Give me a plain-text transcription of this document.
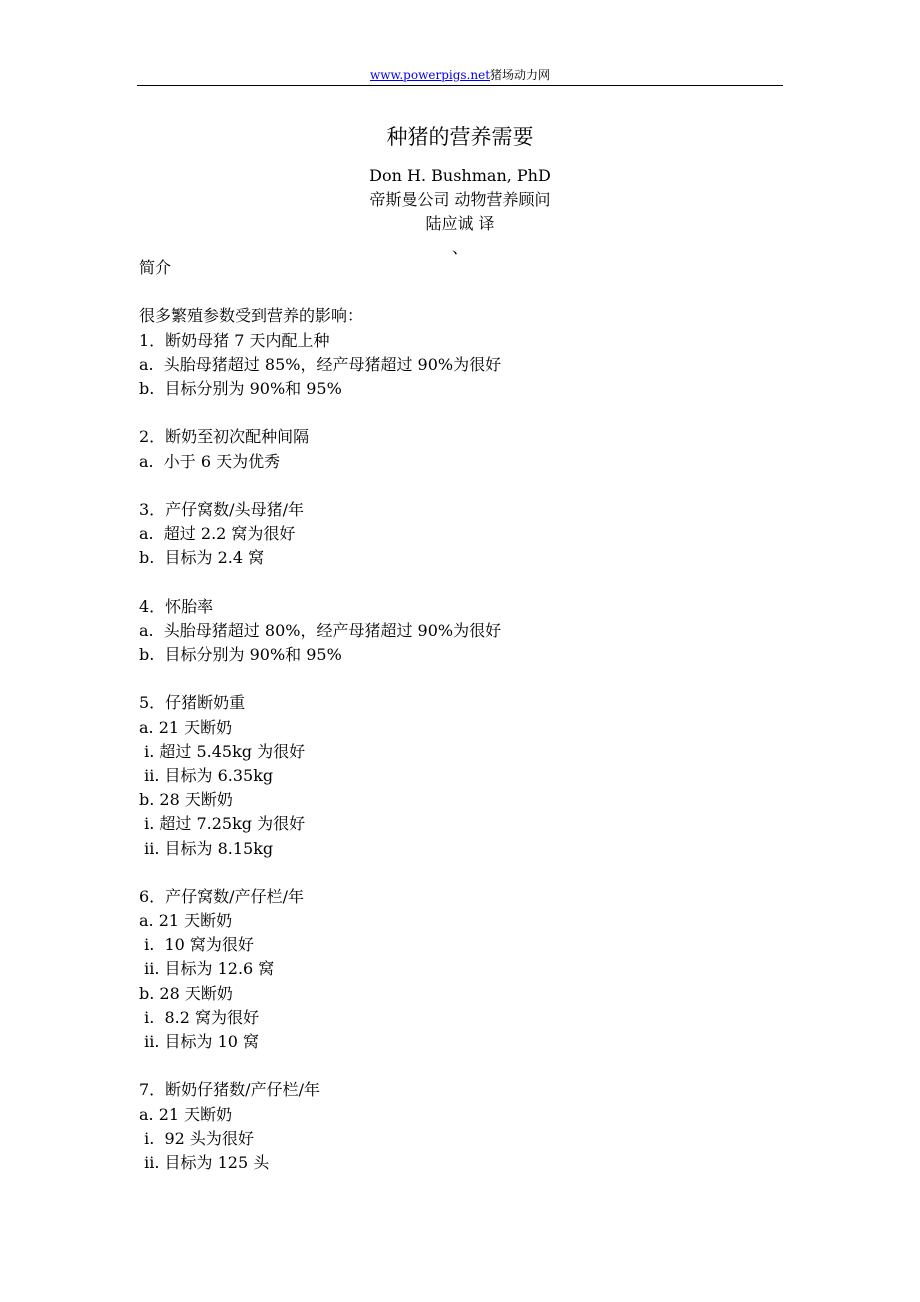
www.powerpigs.net猪场动力网
种猪的营养需要
Don H. Bushman, PhD
帝斯曼公司 动物营养顾问
陆应诚 译
、
简介
很多繁殖参数受到营养的影响：
1．断奶母猪 7 天内配上种
a.  头胎母猪超过 85%，经产母猪超过 90%为很好
b.  目标分别为 90%和 95%
2．断奶至初次配种间隔
a.  小于 6 天为优秀
3．产仔窝数/头母猪/年
a.  超过 2.2 窝为很好
b.  目标为 2.4 窝
4．怀胎率
a.  头胎母猪超过 80%，经产母猪超过 90%为很好
b.  目标分别为 90%和 95%
5．仔猪断奶重
a. 21 天断奶
ⅰ. 超过 5.45kg 为很好
ⅱ. 目标为 6.35kg
b. 28 天断奶
ⅰ. 超过 7.25kg 为很好
ⅱ. 目标为 8.15kg
6．产仔窝数/产仔栏/年
a. 21 天断奶
ⅰ.  10 窝为很好
ⅱ. 目标为 12.6 窝
b. 28 天断奶
ⅰ.  8.2 窝为很好
ⅱ. 目标为 10 窝
7．断奶仔猪数/产仔栏/年
a. 21 天断奶
ⅰ.  92 头为很好
ⅱ. 目标为 125 头
